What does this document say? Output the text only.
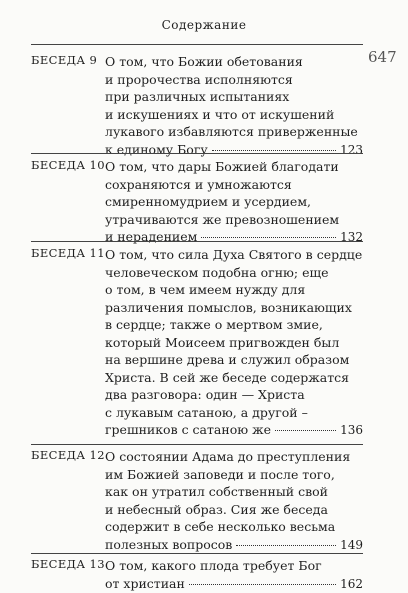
Содержание
647
БЕСЕДА 9 О том, что Божии обетования
и пророчества исполняются
при различных испытаниях
и искушениях и что от искушений
лукавого избавляются приверженные
к единому Богу	123
БЕСЕДА 10 О том, что дары Божией благодати
сохраняются и умножаются
смиренномудрием и усердием,
утрачиваются же превозношением
и нерадением	132
БЕСЕДА 11 О том, что сила Духа Святого в сердце
человеческом подобна огню; еще
о том, в чем имеем нужду для
различения помыслов, возникающих
в сердце; также о мертвом змие,
который Моисеем пригвожден был
на вершине древа и служил образом
Христа. В сей же беседе содержатся
два разговора: один — Христа
с лукавым сатаною, а другой –
грешников с сатаною же	136
БЕСЕДА 12 О состоянии Адама до преступления
им Божией заповеди и после того,
как он утратил собственный свой
и небесный образ. Сия же беседа
содержит в себе несколько весьма
полезных вопросов	149
БЕСЕДА 13 О том, какого плода требует Бог
от христиан	162
